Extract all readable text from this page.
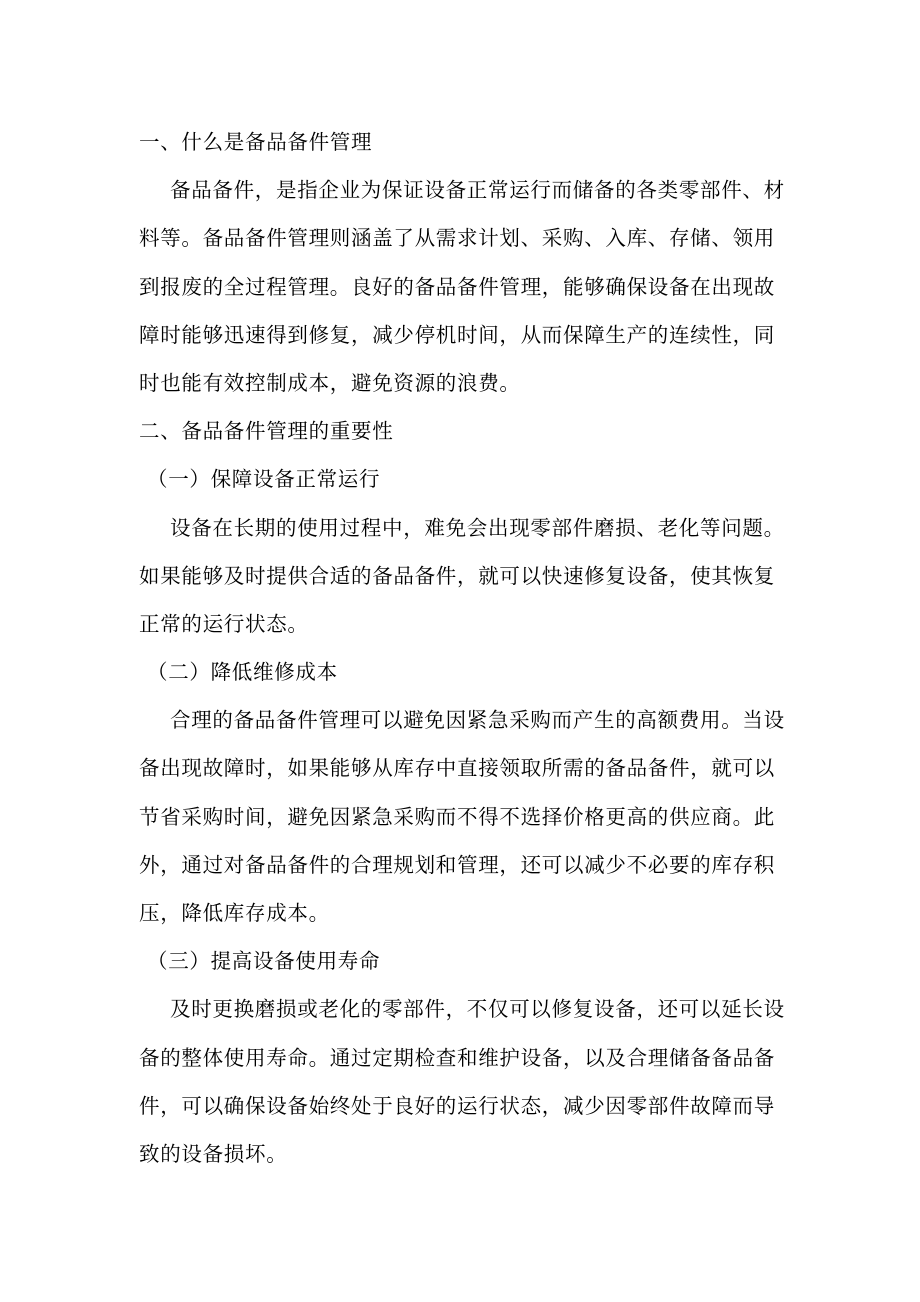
一、什么是备品备件管理
备品备件，是指企业为保证设备正常运行而储备的各类零部件、材
料等。备品备件管理则涵盖了从需求计划、采购、入库、存储、领用
到报废的全过程管理。良好的备品备件管理，能够确保设备在出现故
障时能够迅速得到修复，减少停机时间，从而保障生产的连续性，同
时也能有效控制成本，避免资源的浪费。
二、备品备件管理的重要性
（一）保障设备正常运行
设备在长期的使用过程中，难免会出现零部件磨损、老化等问题。
如果能够及时提供合适的备品备件，就可以快速修复设备，使其恢复
正常的运行状态。
（二）降低维修成本
合理的备品备件管理可以避免因紧急采购而产生的高额费用。当设
备出现故障时，如果能够从库存中直接领取所需的备品备件，就可以
节省采购时间，避免因紧急采购而不得不选择价格更高的供应商。此
外，通过对备品备件的合理规划和管理，还可以减少不必要的库存积
压，降低库存成本。
（三）提高设备使用寿命
及时更换磨损或老化的零部件，不仅可以修复设备，还可以延长设
备的整体使用寿命。通过定期检查和维护设备，以及合理储备备品备
件，可以确保设备始终处于良好的运行状态，减少因零部件故障而导
致的设备损坏。
